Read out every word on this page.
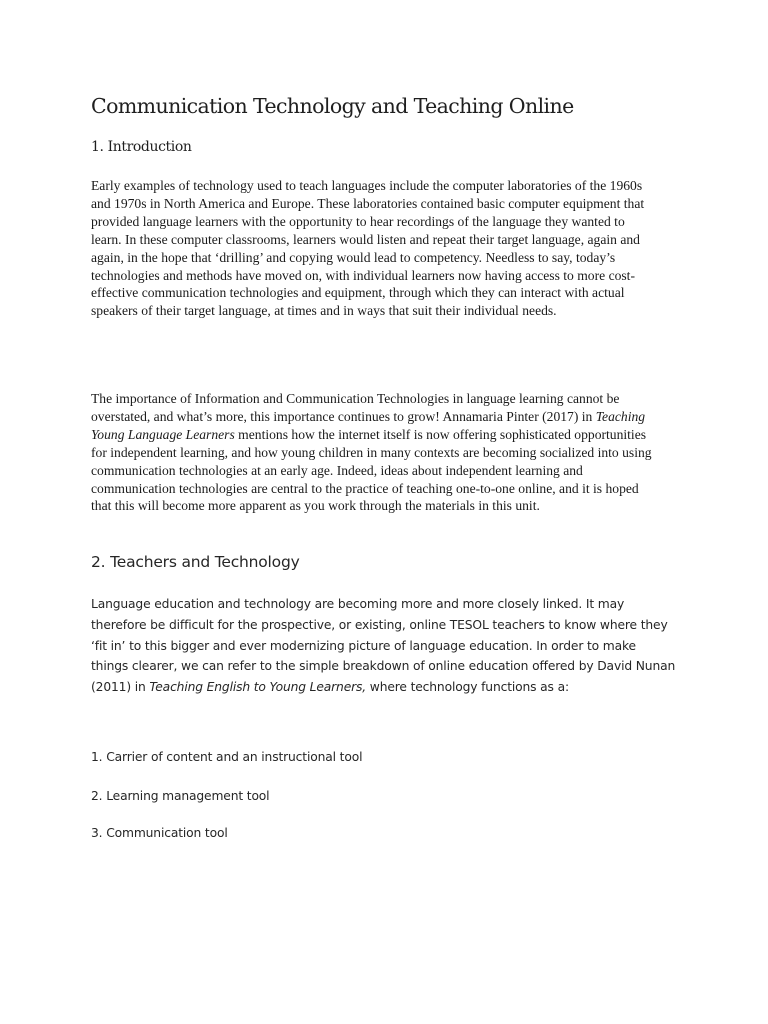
Communication Technology and Teaching Online
1. Introduction

Early examples of technology used to teach languages include the computer laboratories of the 1960s and 1970s in North America and Europe. These laboratories contained basic computer equipment that provided language learners with the opportunity to hear recordings of the language they wanted to learn. In these computer classrooms, learners would listen and repeat their target language, again and again, in the hope that ‘drilling’ and copying would lead to competency. Needless to say, today’s technologies and methods have moved on, with individual learners now having access to more cost-effective communication technologies and equipment, through which they can interact with actual speakers of their target language, at times and in ways that suit their individual needs.

The importance of Information and Communication Technologies in language learning cannot be overstated, and what’s more, this importance continues to grow! Annamaria Pinter (2017) in Teaching Young Language Learners mentions how the internet itself is now offering sophisticated opportunities for independent learning, and how young children in many contexts are becoming socialized into using communication technologies at an early age. Indeed, ideas about independent learning and communication technologies are central to the practice of teaching one-to-one online, and it is hoped that this will become more apparent as you work through the materials in this unit.

2. Teachers and Technology

Language education and technology are becoming more and more closely linked. It may therefore be difficult for the prospective, or existing, online TESOL teachers to know where they ‘fit in’ to this bigger and ever modernizing picture of language education. In order to make things clearer, we can refer to the simple breakdown of online education offered by David Nunan (2011) in Teaching English to Young Learners, where technology functions as a:

1. Carrier of content and an instructional tool

2. Learning management tool

3. Communication tool
